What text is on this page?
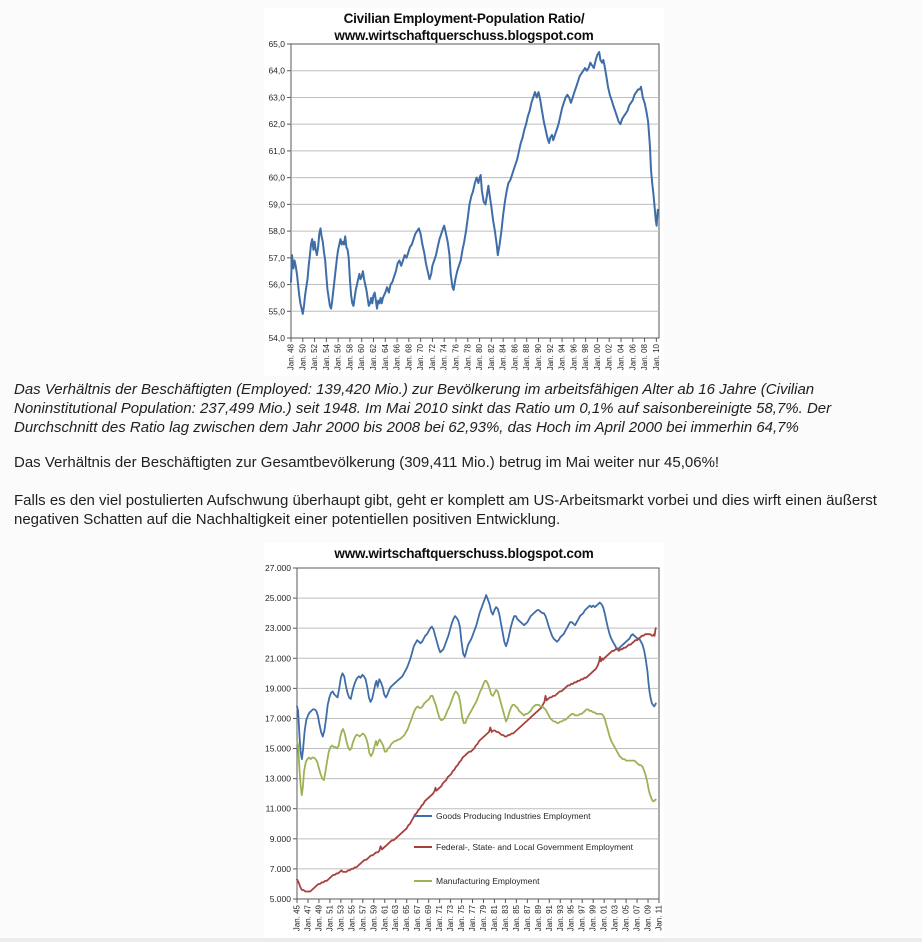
Civilian Employment-Population Ratio/
www.wirtschaftquerschuss.blogspot.com
54,0
55,0
56,0
57,0
58,0
59,0
60,0
61,0
62,0
63,0
64,0
65,0
Jan. 48 Jan. 50 Jan. 52 Jan. 54 Jan. 56 Jan. 58 Jan. 60 Jan. 62 Jan. 64 Jan. 66 Jan. 68 Jan. 70 Jan. 72 Jan. 74 Jan. 76 Jan. 78 Jan. 80 Jan. 82 Jan. 84 Jan. 86 Jan. 88 Jan. 90 Jan. 92 Jan. 94 Jan. 96 Jan. 98 Jan. 00 Jan. 02 Jan. 04 Jan. 06 Jan. 08 Jan. 10

Das Verhältnis der Beschäftigten (Employed: 139,420 Mio.) zur Bevölkerung im arbeitsfähigen Alter ab 16 Jahre (Civilian Noninstitutional Population: 237,499 Mio.) seit 1948. Im Mai 2010 sinkt das Ratio um 0,1% auf saisonbereinigte 58,7%. Der Durchschnitt des Ratio lag zwischen dem Jahr 2000 bis 2008 bei 62,93%, das Hoch im April 2000 bei immerhin 64,7%

Das Verhältnis der Beschäftigten zur Gesamtbevölkerung (309,411 Mio.) betrug im Mai weiter nur 45,06%!

Falls es den viel postulierten Aufschwung überhaupt gibt, geht er komplett am US-Arbeitsmarkt vorbei und dies wirft einen äußerst negativen Schatten auf die Nachhaltigkeit einer potentiellen positiven Entwicklung.

www.wirtschaftquerschuss.blogspot.com
5.000
7.000
9.000
11.000
13.000
15.000
17.000
19.000
21.000
23.000
25.000
27.000
Jan. 45 Jan. 47 Jan. 49 Jan. 51 Jan. 53 Jan. 55 Jan. 57 Jan. 59 Jan. 61 Jan. 63 Jan. 65 Jan. 67 Jan. 69 Jan. 71 Jan. 73 Jan. 75 Jan. 77 Jan. 79 Jan. 81 Jan. 83 Jan. 85 Jan. 87 Jan. 89 Jan. 91 Jan. 93 Jan. 95 Jan. 97 Jan. 99 Jan. 01 Jan. 03 Jan. 05 Jan. 07 Jan. 09 Jan. 11
Goods Producing Industries Employment
Federal-, State- and Local Government Employment
Manufacturing Employment
